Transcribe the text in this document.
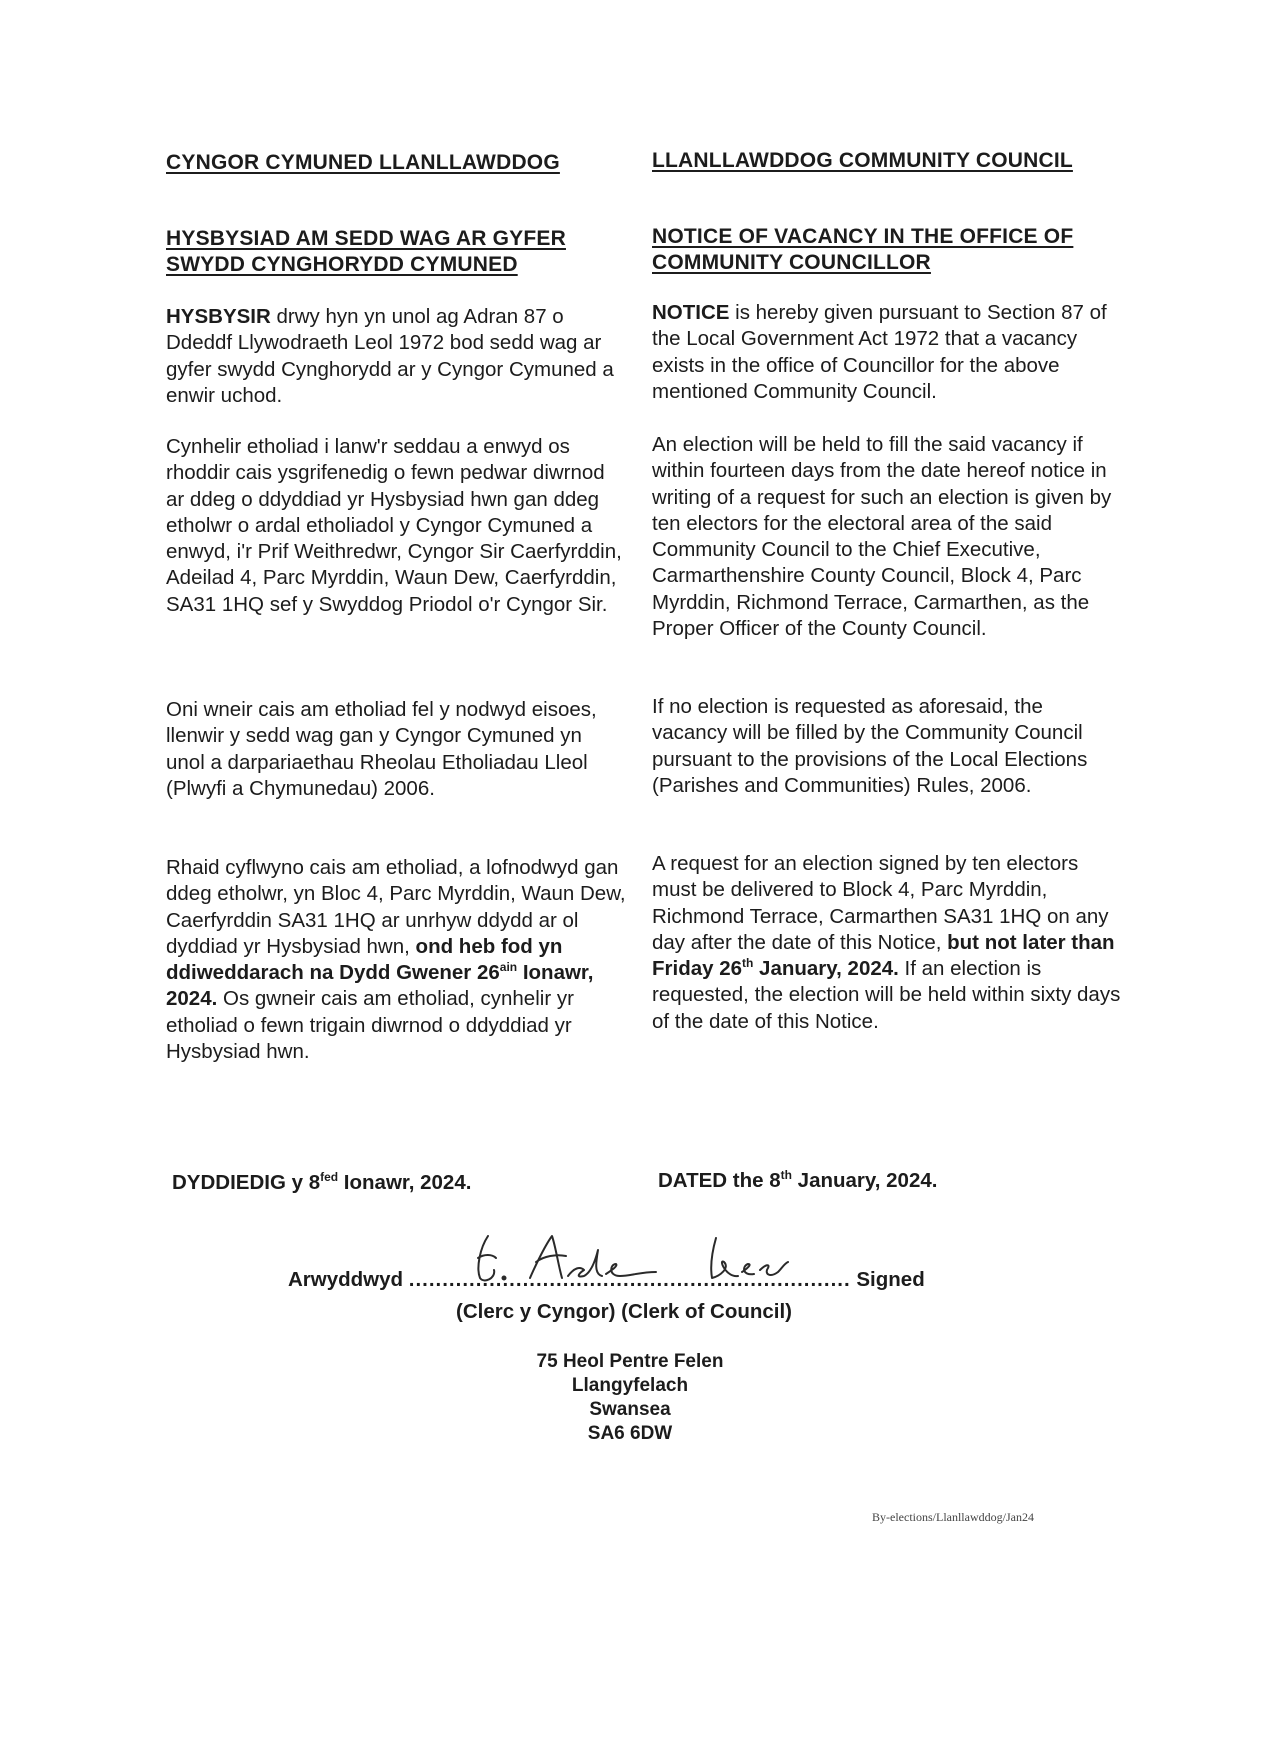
CYNGOR CYMUNED LLANLLAWDDOG
HYSBYSIAD AM SEDD WAG AR GYFER SWYDD CYNGHORYDD CYMUNED

HYSBYSIR drwy hyn yn unol ag Adran 87 o Ddeddf Llywodraeth Leol 1972 bod sedd wag ar gyfer swydd Cynghorydd ar y Cyngor Cymuned a enwir uchod.

Cynhelir etholiad i lanw'r seddau a enwyd os rhoddir cais ysgrifenedig o fewn pedwar diwrnod ar ddeg o ddyddiad yr Hysbysiad hwn gan ddeg etholwr o ardal etholiadol y Cyngor Cymuned a enwyd, i'r Prif Weithredwr, Cyngor Sir Caerfyrddin, Adeilad 4, Parc Myrddin, Waun Dew, Caerfyrddin, SA31 1HQ sef y Swyddog Priodol o'r Cyngor Sir.

Oni wneir cais am etholiad fel y nodwyd eisoes, llenwir y sedd wag gan y Cyngor Cymuned yn unol a darpariaethau Rheolau Etholiadau Lleol (Plwyfi a Chymunedau) 2006.

Rhaid cyflwyno cais am etholiad, a lofnodwyd gan ddeg etholwr, yn Bloc 4, Parc Myrddin, Waun Dew, Caerfyrddin SA31 1HQ ar unrhyw ddydd ar ol dyddiad yr Hysbysiad hwn, ond heb fod yn ddiweddarach na Dydd Gwener $26^{ain}$ Ionawr, 2024. Os gwneir cais am etholiad, cynhelir yr etholiad o fewn trigain diwrnod o ddyddiad yr Hysbysiad hwn.

DYDDIEDIG y $8^{fed}$ Ionawr, 2024.
LLANLLAWDDOG COMMUNITY COUNCIL
NOTICE OF VACANCY IN THE OFFICE OF COMMUNITY COUNCILLOR

NOTICE is hereby given pursuant to Section 87 of the Local Government Act 1972 that a vacancy exists in the office of Councillor for the above mentioned Community Council.

An election will be held to fill the said vacancy if within fourteen days from the date hereof notice in writing of a request for such an election is given by ten electors for the electoral area of the said Community Council to the Chief Executive, Carmarthenshire County Council, Block 4, Parc Myrddin, Richmond Terrace, Carmarthen, as the Proper Officer of the County Council.

If no election is requested as aforesaid, the vacancy will be filled by the Community Council pursuant to the provisions of the Local Elections (Parishes and Communities) Rules, 2006.

A request for an election signed by ten electors must be delivered to Block 4, Parc Myrddin, Richmond Terrace, Carmarthen SA31 1HQ on any day after the date of this Notice, but not later than Friday 26th January, 2024. If an election is requested, the election will be held within sixty days of the date of this Notice.

DATED the 8th January, 2024.
Arwyddwyd .................................................................. Signed
(Clerc y Cyngor) (Clerk of Council)
75 Heol Pentre Felen
Llangyfelach
Swansea
SA6 6DW
By-elections/Llanllawddog/Jan24
